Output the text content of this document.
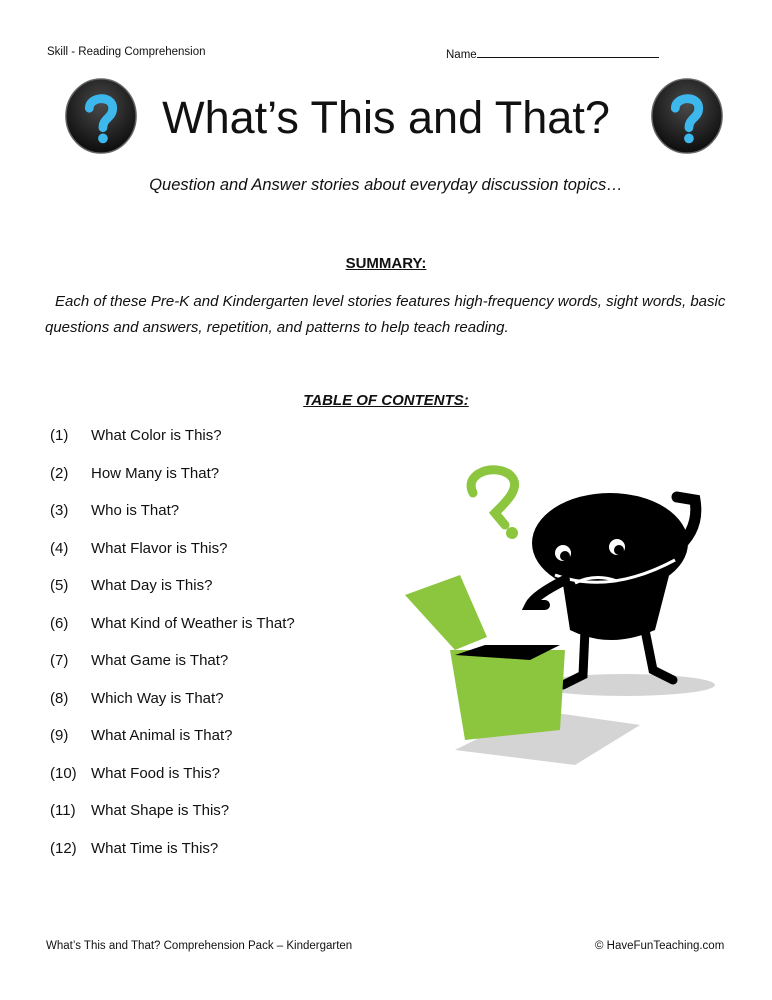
Skill - Reading Comprehension	Name
What’s This and That?
Question and Answer stories about everyday discussion topics…
SUMMARY:
Each of these Pre-K and Kindergarten level stories features high-frequency words, sight words, basic questions and answers, repetition, and patterns to help teach reading.
TABLE OF CONTENTS:
(1)	What Color is This?
(2)	How Many is That?
(3)	Who is That?
(4)	What Flavor is This?
(5)	What Day is This?
(6)	What Kind of Weather is That?
(7)	What Game is That?
(8)	Which Way is That?
(9)	What Animal is That?
(10) What Food is This?
(11)	What Shape is This?
(12) What Time is This?
What’s This and That? Comprehension Pack – Kindergarten	© HaveFunTeaching.com
